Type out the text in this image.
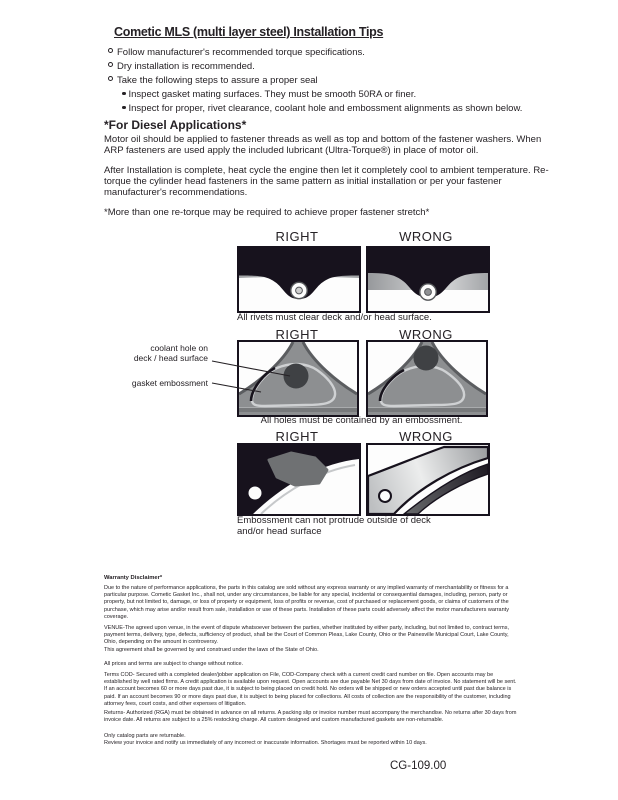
Cometic MLS (multi layer steel) Installation Tips
Follow manufacturer's recommended torque specifications.
Dry installation is recommended.
Take the following steps to assure a proper seal
Inspect gasket mating surfaces. They must be smooth 50RA or finer.
Inspect for proper, rivet clearance, coolant hole and embossment alignments as shown below.
*For Diesel Applications*
Motor oil should be applied to fastener threads as well as top and bottom of the fastener washers. When ARP fasteners are used apply the included lubricant (Ultra-Torque®) in place of motor oil.
After Installation is complete, heat cycle the engine then let it completely cool to ambient temperature. Re-torque the cylinder head fasteners in the same pattern as initial installation or per your fastener manufacturer's recommendations.
*More than one re-torque may be required to achieve proper fastener stretch*
RIGHT	WRONG
All rivets must clear deck and/or head surface.
RIGHT	WRONG
coolant hole on
deck / head surface
gasket embossment
All holes must be contained by an embossment.
RIGHT	WRONG
Embossment can not protrude outside of deck
and/or head surface
Warranty Disclaimer*
Due to the nature of performance applications, the parts in this catalog are sold without any express warranty or any implied warranty of merchantability or fitness for a particular purpose. Cometic Gasket Inc., shall not, under any circumstances, be liable for any special, incidental or consequential damages, including, person, party or property, but not limited to, damage, or loss of property or equipment, loss of profits or revenue, cost of purchased or replacement goods, or claims of customers of the purchase, which may arise and/or result from sale, installation or use of these parts. Installation of these parts could adversely affect the motor manufacturers warranty coverage.
VENUE-The agreed upon venue, in the event of dispute whatsoever between the parties, whether instituted by either party, including, but not limited to, contract terms, payment terms, delivery, type, defects, sufficiency of product, shall be the Court of Common Pleas, Lake County, Ohio or the Painesville Municipal Court, Lake County, Ohio, depending on the amount in controversy.
This agreement shall be governed by and construed under the laws of the State of Ohio.
All prices and terms are subject to change without notice.
Terms COD- Secured with a completed dealer/jobber application on File, COD-Company check with a current credit card number on file. Open accounts may be established by well rated firms. A credit application is available upon request. Open accounts are due payable Net 30 days from date of invoice. No statement will be sent. If an account becomes 60 or more days past due, it is subject to being placed on credit hold. No orders will be shipped or new orders accepted until past due balance is paid. If an account becomes 90 or more days past due, it is subject to being placed for collections. All costs of collection are the responsibility of the customer, including attorney fees, court costs, and other expenses of litigation.
Returns- Authorized (RGA) must be obtained in advance on all returns. A packing slip or invoice number must accompany the merchandise. No returns after 30 days from invoice date. All returns are subject to a 25% restocking charge. All custom designed and custom manufactured gaskets are non-returnable.
Only catalog parts are returnable.
Review your invoice and notify us immediately of any incorrect or inaccurate information. Shortages must be reported within 10 days.
CG-109.00
